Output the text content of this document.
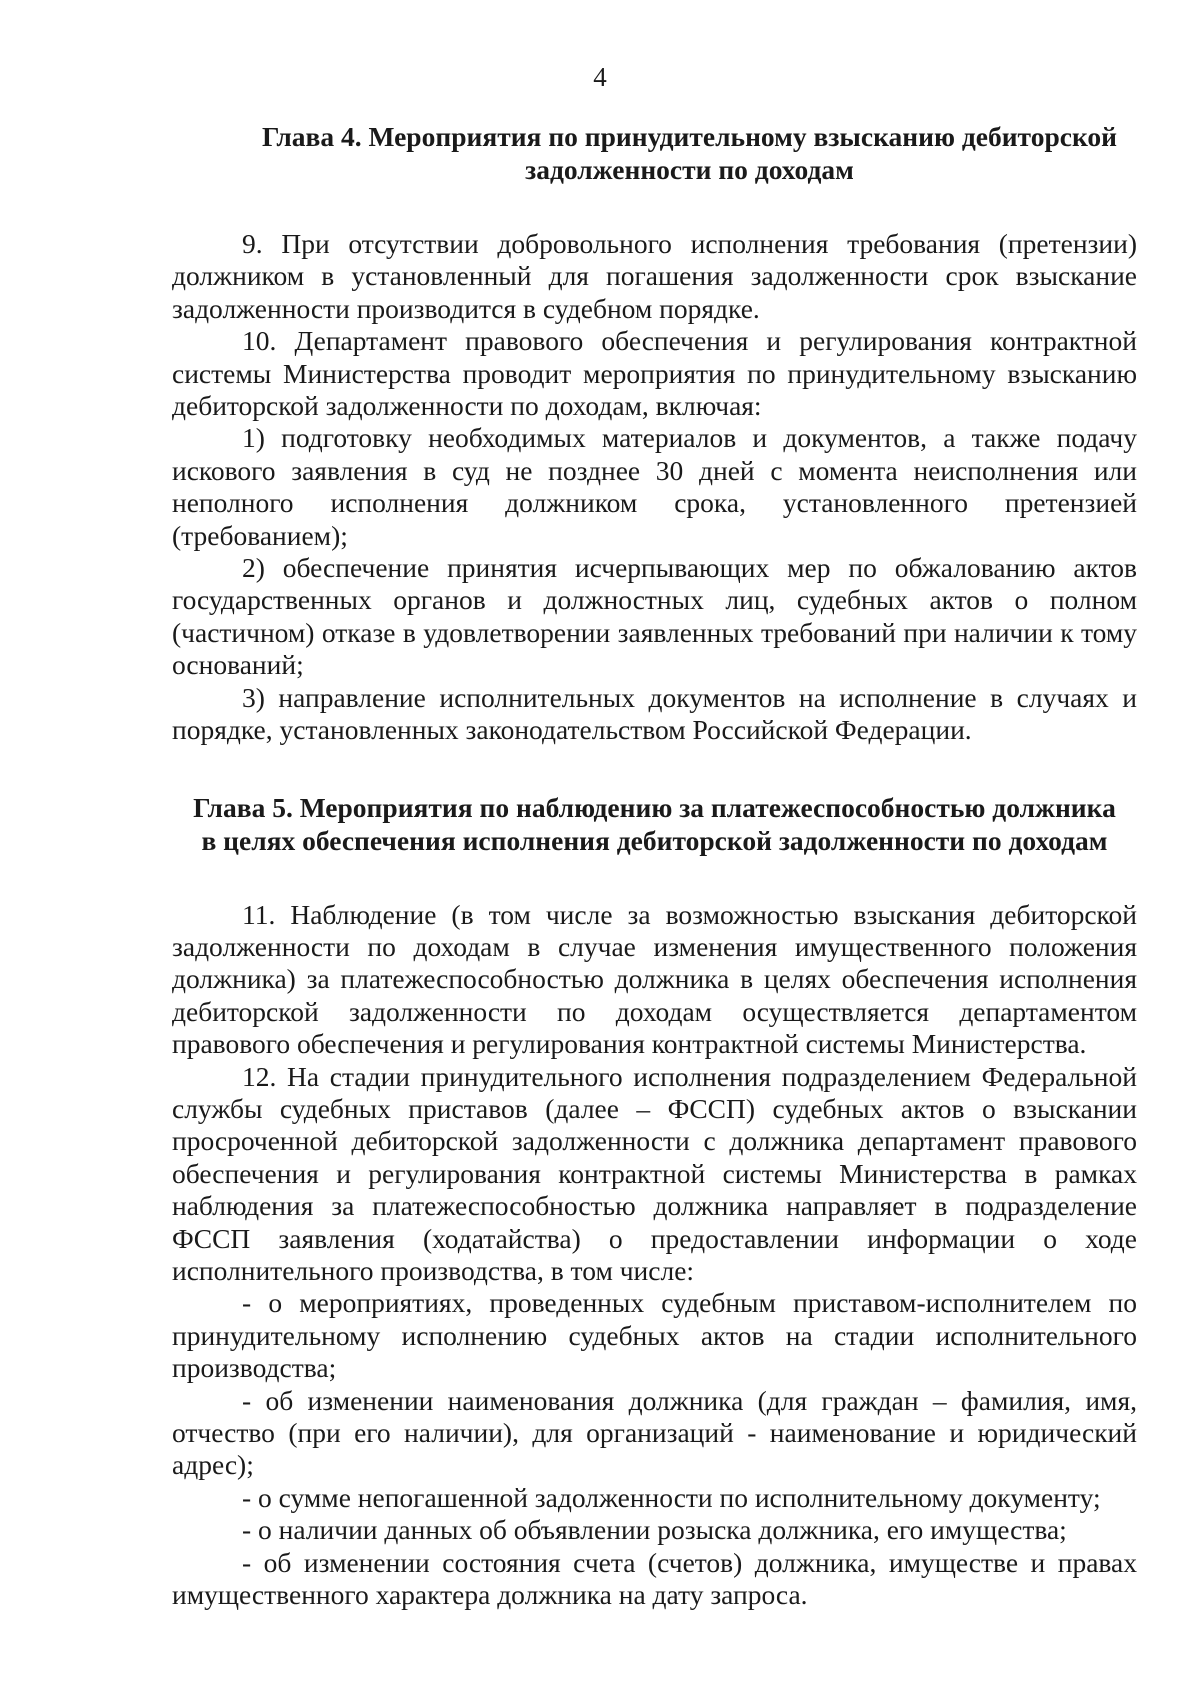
4
Глава 4. Мероприятия по принудительному взысканию дебиторской
задолженности по доходам

9. При отсутствии добровольного исполнения требования (претензии) должником в установленный для погашения задолженности срок взыскание задолженности производится в судебном порядке.

10. Департамент правового обеспечения и регулирования контрактной системы Министерства проводит мероприятия по принудительному взысканию дебиторской задолженности по доходам, включая:

1) подготовку необходимых материалов и документов, а также подачу искового заявления в суд не позднее 30 дней с момента неисполнения или неполного исполнения должником срока, установленного претензией (требованием);

2) обеспечение принятия исчерпывающих мер по обжалованию актов государственных органов и должностных лиц, судебных актов о полном (частичном) отказе в удовлетворении заявленных требований при наличии к тому оснований;

3) направление исполнительных документов на исполнение в случаях и порядке, установленных законодательством Российской Федерации.

Глава 5. Мероприятия по наблюдению за платежеспособностью должника
в целях обеспечения исполнения дебиторской задолженности по доходам

11. Наблюдение (в том числе за возможностью взыскания дебиторской задолженности по доходам в случае изменения имущественного положения должника) за платежеспособностью должника в целях обеспечения исполнения дебиторской задолженности по доходам осуществляется департаментом правового обеспечения и регулирования контрактной системы Министерства.

12. На стадии принудительного исполнения подразделением Федеральной службы судебных приставов (далее – ФССП) судебных актов о взыскании просроченной дебиторской задолженности с должника департамент правового обеспечения и регулирования контрактной системы Министерства в рамках наблюдения за платежеспособностью должника направляет в подразделение ФССП заявления (ходатайства) о предоставлении информации о ходе исполнительного производства, в том числе:

- о мероприятиях, проведенных судебным приставом-исполнителем по принудительному исполнению судебных актов на стадии исполнительного производства;

- об изменении наименования должника (для граждан – фамилия, имя, отчество (при его наличии), для организаций - наименование и юридический адрес);

- о сумме непогашенной задолженности по исполнительному документу;

- о наличии данных об объявлении розыска должника, его имущества;

- об изменении состояния счета (счетов) должника, имуществе и правах имущественного характера должника на дату запроса.
